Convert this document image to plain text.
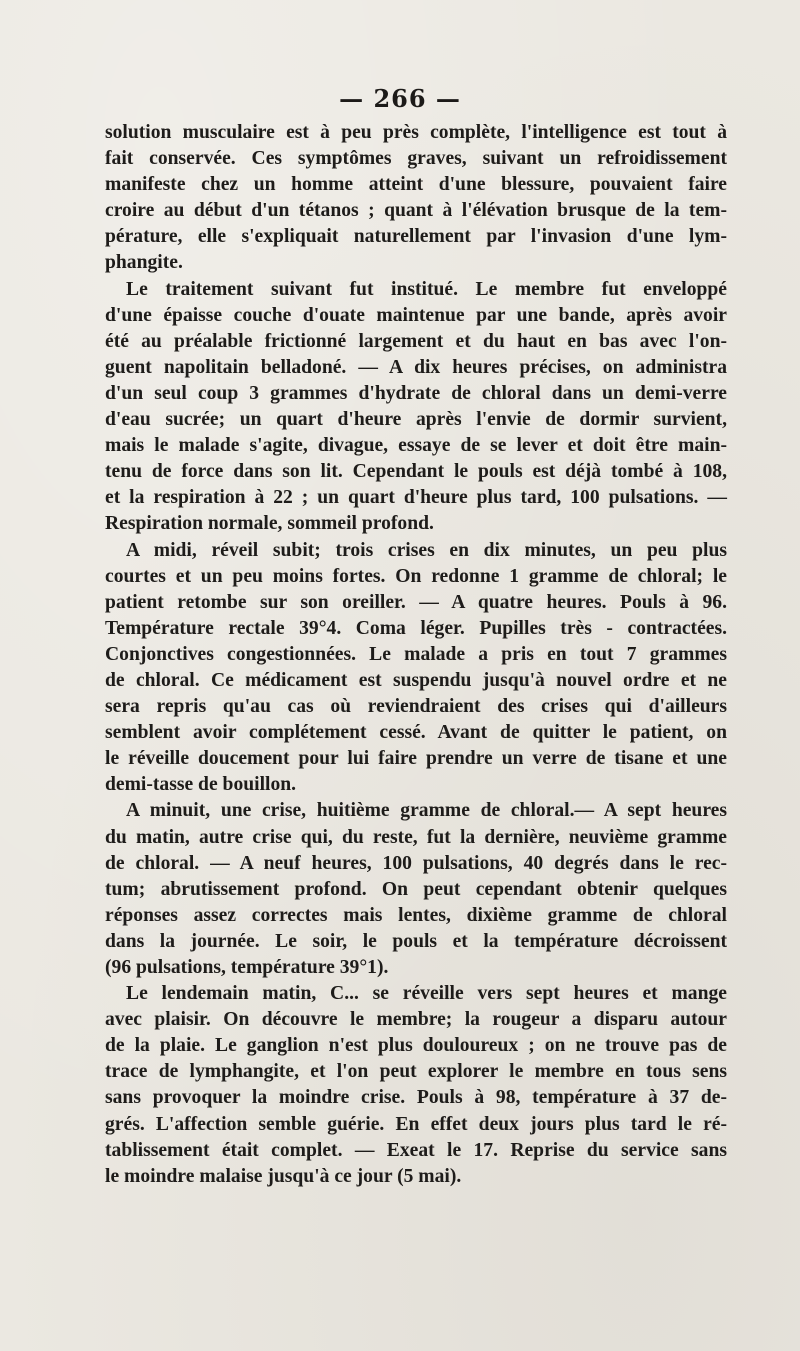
— 266 —
solution musculaire est à peu près complète, l'intelligence est tout à
fait conservée. Ces symptômes graves, suivant un refroidissement
manifeste chez un homme atteint d'une blessure, pouvaient faire
croire au début d'un tétanos ; quant à l'élévation brusque de la tem-
pérature, elle s'expliquait naturellement par l'invasion d'une lym-
phangite.
Le traitement suivant fut institué. Le membre fut enveloppé
d'une épaisse couche d'ouate maintenue par une bande, après avoir
été au préalable frictionné largement et du haut en bas avec l'on-
guent napolitain belladoné. — A dix heures précises, on administra
d'un seul coup 3 grammes d'hydrate de chloral dans un demi-verre
d'eau sucrée; un quart d'heure après l'envie de dormir survient,
mais le malade s'agite, divague, essaye de se lever et doit être main-
tenu de force dans son lit. Cependant le pouls est déjà tombé à 108,
et la respiration à 22 ; un quart d'heure plus tard, 100 pulsations. —
Respiration normale, sommeil profond.
A midi, réveil subit; trois crises en dix minutes, un peu plus
courtes et un peu moins fortes. On redonne 1 gramme de chloral; le
patient retombe sur son oreiller. — A quatre heures. Pouls à 96.
Température rectale 39°4. Coma léger. Pupilles très - contractées.
Conjonctives congestionnées. Le malade a pris en tout 7 grammes
de chloral. Ce médicament est suspendu jusqu'à nouvel ordre et ne
sera repris qu'au cas où reviendraient des crises qui d'ailleurs
semblent avoir complétement cessé. Avant de quitter le patient, on
le réveille doucement pour lui faire prendre un verre de tisane et une
demi-tasse de bouillon.
A minuit, une crise, huitième gramme de chloral.— A sept heures
du matin, autre crise qui, du reste, fut la dernière, neuvième gramme
de chloral. — A neuf heures, 100 pulsations, 40 degrés dans le rec-
tum; abrutissement profond. On peut cependant obtenir quelques
réponses assez correctes mais lentes, dixième gramme de chloral
dans la journée. Le soir, le pouls et la température décroissent
(96 pulsations, température 39°1).
Le lendemain matin, C... se réveille vers sept heures et mange
avec plaisir. On découvre le membre; la rougeur a disparu autour
de la plaie. Le ganglion n'est plus douloureux ; on ne trouve pas de
trace de lymphangite, et l'on peut explorer le membre en tous sens
sans provoquer la moindre crise. Pouls à 98, température à 37 de-
grés. L'affection semble guérie. En effet deux jours plus tard le ré-
tablissement était complet. — Exeat le 17. Reprise du service sans
le moindre malaise jusqu'à ce jour (5 mai).
